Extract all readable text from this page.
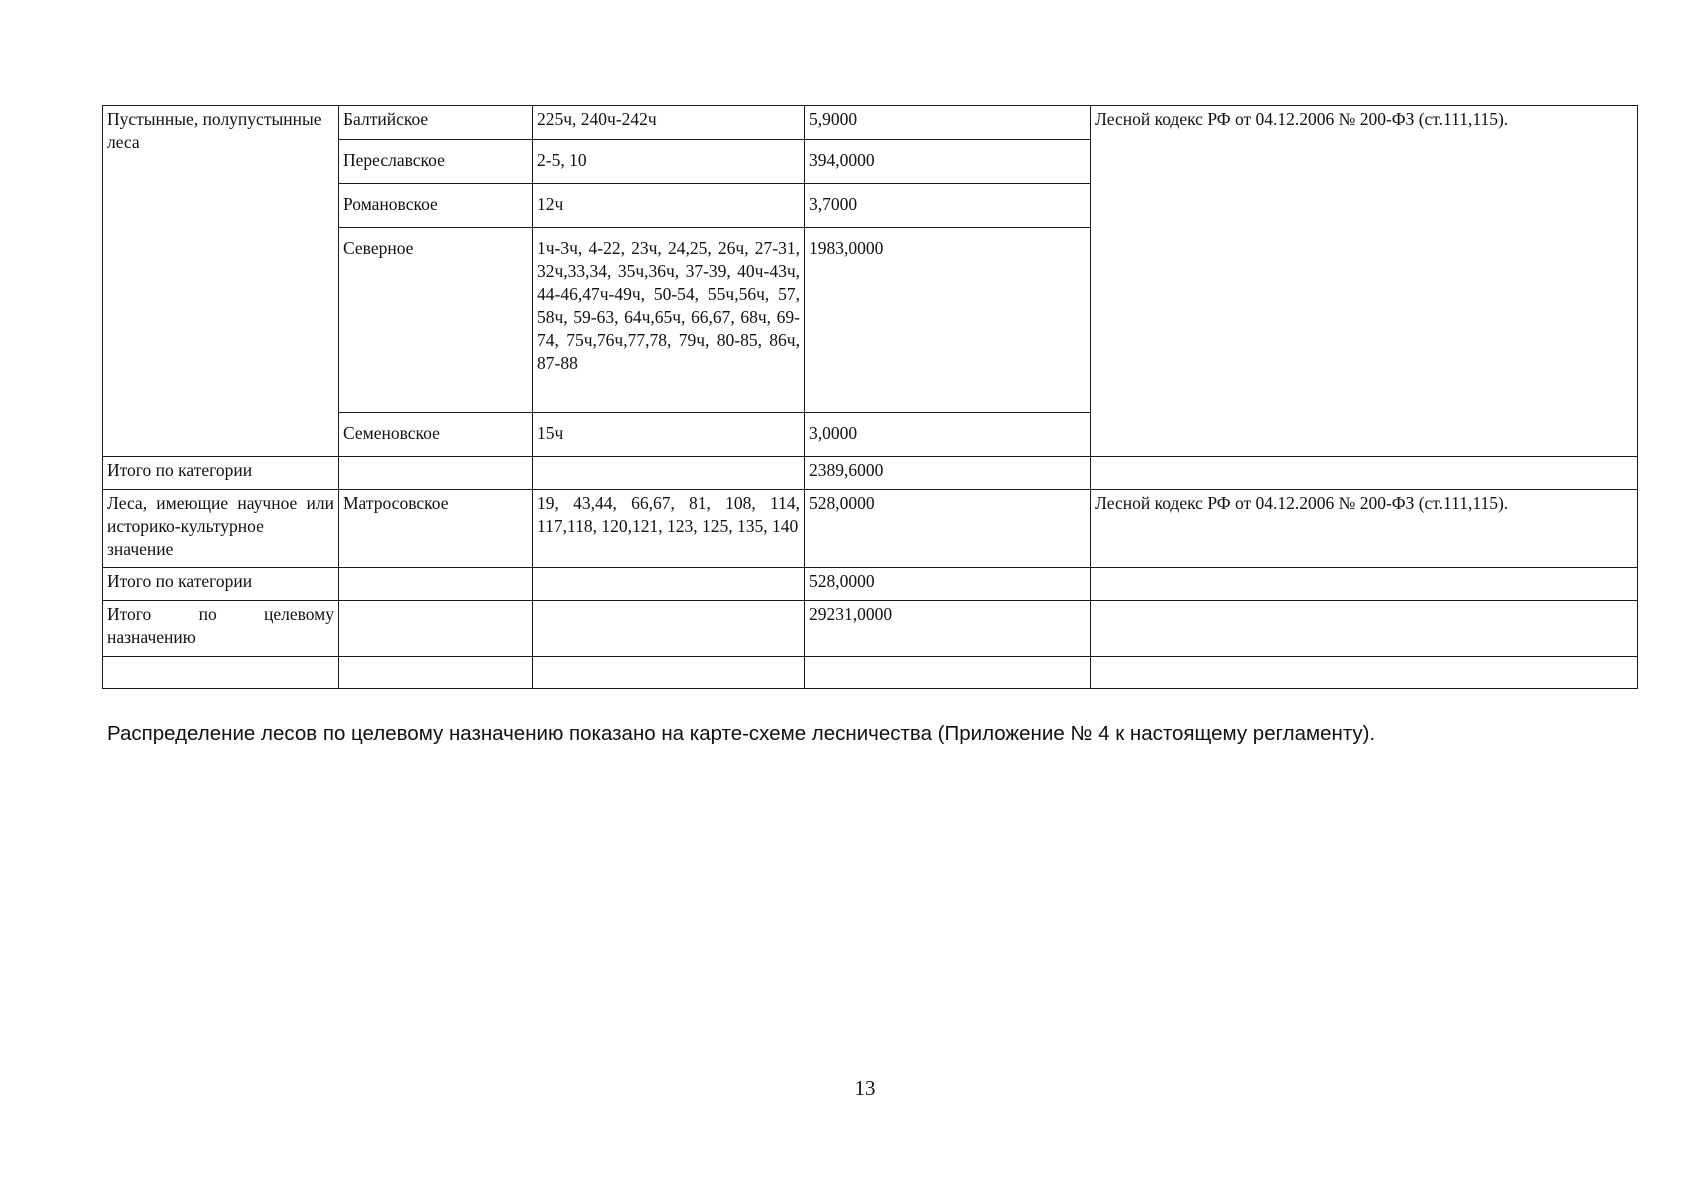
Пустынные, полупустынные леса	Балтийское	225ч, 240ч-242ч	5,9000	Лесной кодекс РФ от 04.12.2006 № 200-ФЗ (ст.111,115).
	Переславское	2-5, 10	394,0000	
	Романовское	12ч	3,7000	
	Северное	1ч-3ч, 4-22, 23ч, 24,25, 26ч, 27-31, 32ч,33,34, 35ч,36ч, 37-39, 40ч-43ч, 44-46,47ч-49ч, 50-54, 55ч,56ч, 57, 58ч, 59-63, 64ч,65ч, 66,67, 68ч, 69-74, 75ч,76ч,77,78, 79ч, 80-85, 86ч, 87-88	1983,0000	
	Семеновское	15ч	3,0000	
Итого по категории			2389,6000	
Леса, имеющие научное или историко-культурное значение	Матросовское	19, 43,44, 66,67, 81, 108, 114, 117,118, 120,121, 123, 125, 135, 140	528,0000	Лесной кодекс РФ от 04.12.2006 № 200-ФЗ (ст.111,115).
Итого по категории			528,0000	
Итого по целевому назначению			29231,0000	

Распределение лесов по целевому назначению показано на карте-схеме лесничества (Приложение № 4 к настоящему регламенту).
13
